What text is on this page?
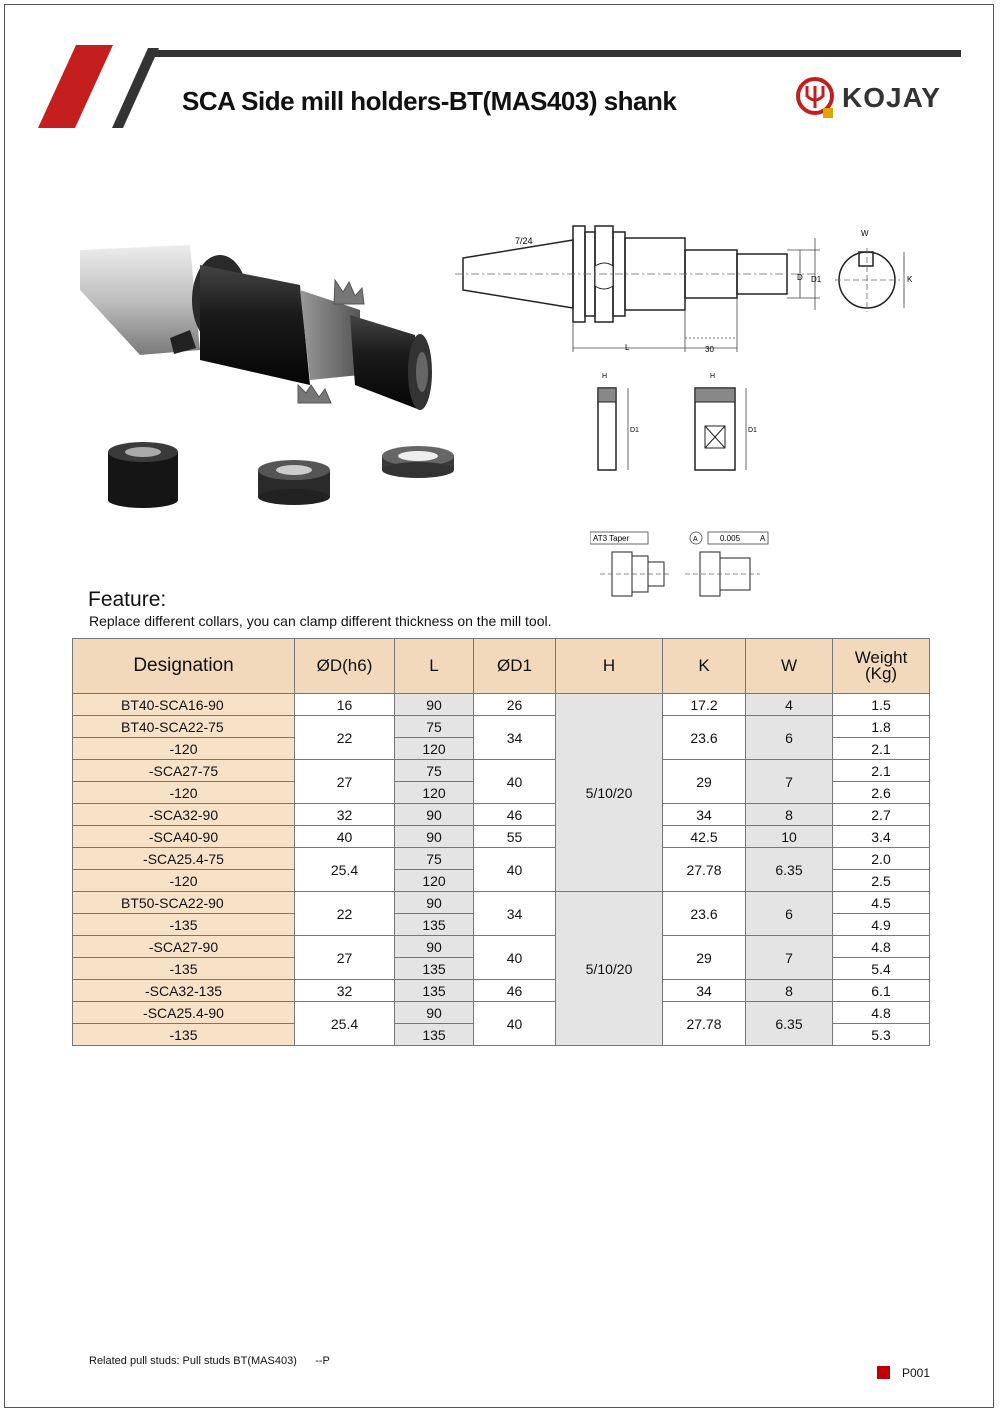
SCA Side mill holders-BT(MAS403) shank	KOJAY
7/24
L	30
D D1
W
K
H
D1
H
D1
AT3 Taper	A	0.005 A
Feature:
Replace different collars, you can clamp different thickness on the mill tool.
Designation	ØD(h6)	L	ØD1	H	K	W	Weight
(Kg)
BT40-SCA16-90	16	90	26	5/10/20	17.2	4	1.5
BT40-SCA22-75	22	75	34		23.6	6	1.8
-120		120					2.1
-SCA27-75	27	75	40		29	7	2.1
-120		120					2.6
-SCA32-90	32	90	46		34	8	2.7
-SCA40-90	40	90	55		42.5	10	3.4
-SCA25.4-75	25.4	75	40		27.78	6.35	2.0
-120		120					2.5
BT50-SCA22-90	22	90	34	5/10/20	23.6	6	4.5
-135		135					4.9
-SCA27-90	27	90	40		29	7	4.8
-135		135					5.4
-SCA32-135	32	135	46		34	8	6.1
-SCA25.4-90	25.4	90	40		27.78	6.35	4.8
-135		135					5.3
Related pull studs: Pull studs BT(MAS403)      --P
P001
